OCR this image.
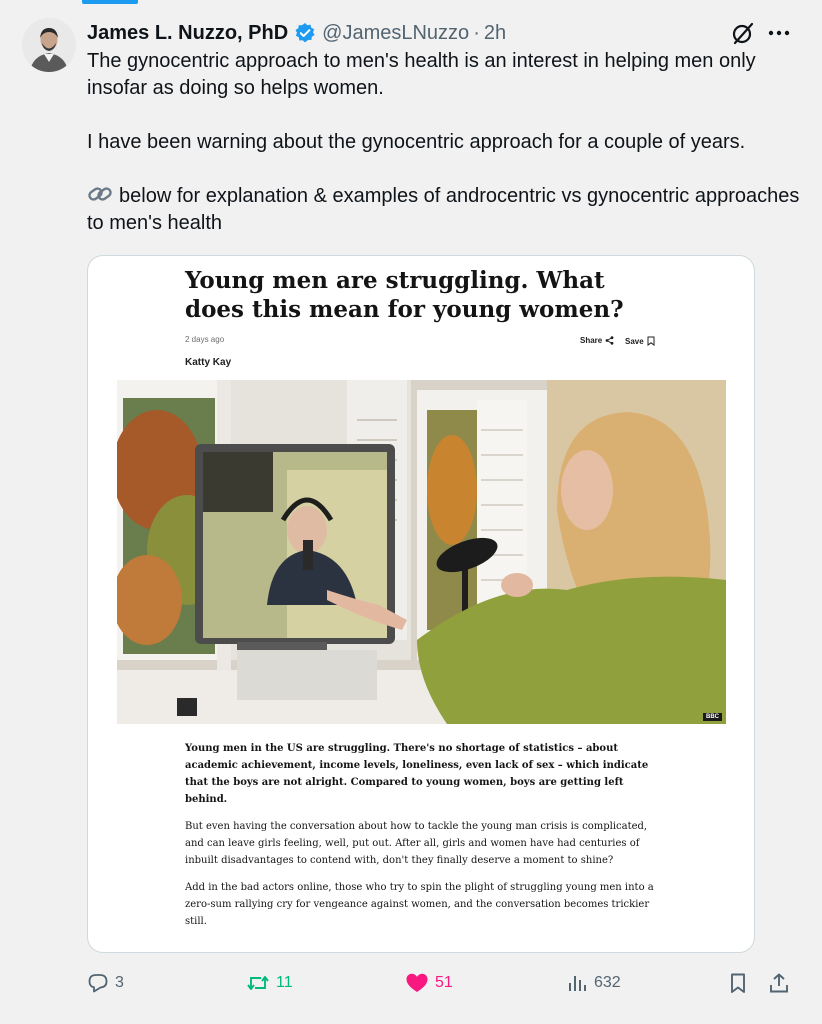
James L. Nuzzo, PhD @JamesLNuzzo · 2h

The gynocentric approach to men's health is an interest in helping men only insofar as doing so helps women.

I have been warning about the gynocentric approach for a couple of years.

below for explanation & examples of androcentric vs gynocentric approaches to men's health

Young men are struggling. What does this mean for young women?
2 days ago	Share	Save
Katty Kay
BBC

Young men in the US are struggling. There's no shortage of statistics – about academic achievement, income levels, loneliness, even lack of sex – which indicate that the boys are not alright. Compared to young women, boys are getting left behind.

But even having the conversation about how to tackle the young man crisis is complicated, and can leave girls feeling, well, put out. After all, girls and women have had centuries of inbuilt disadvantages to contend with, don't they finally deserve a moment to shine?

Add in the bad actors online, those who try to spin the plight of struggling young men into a zero-sum rallying cry for vengeance against women, and the conversation becomes trickier still.

3	11	51	632
